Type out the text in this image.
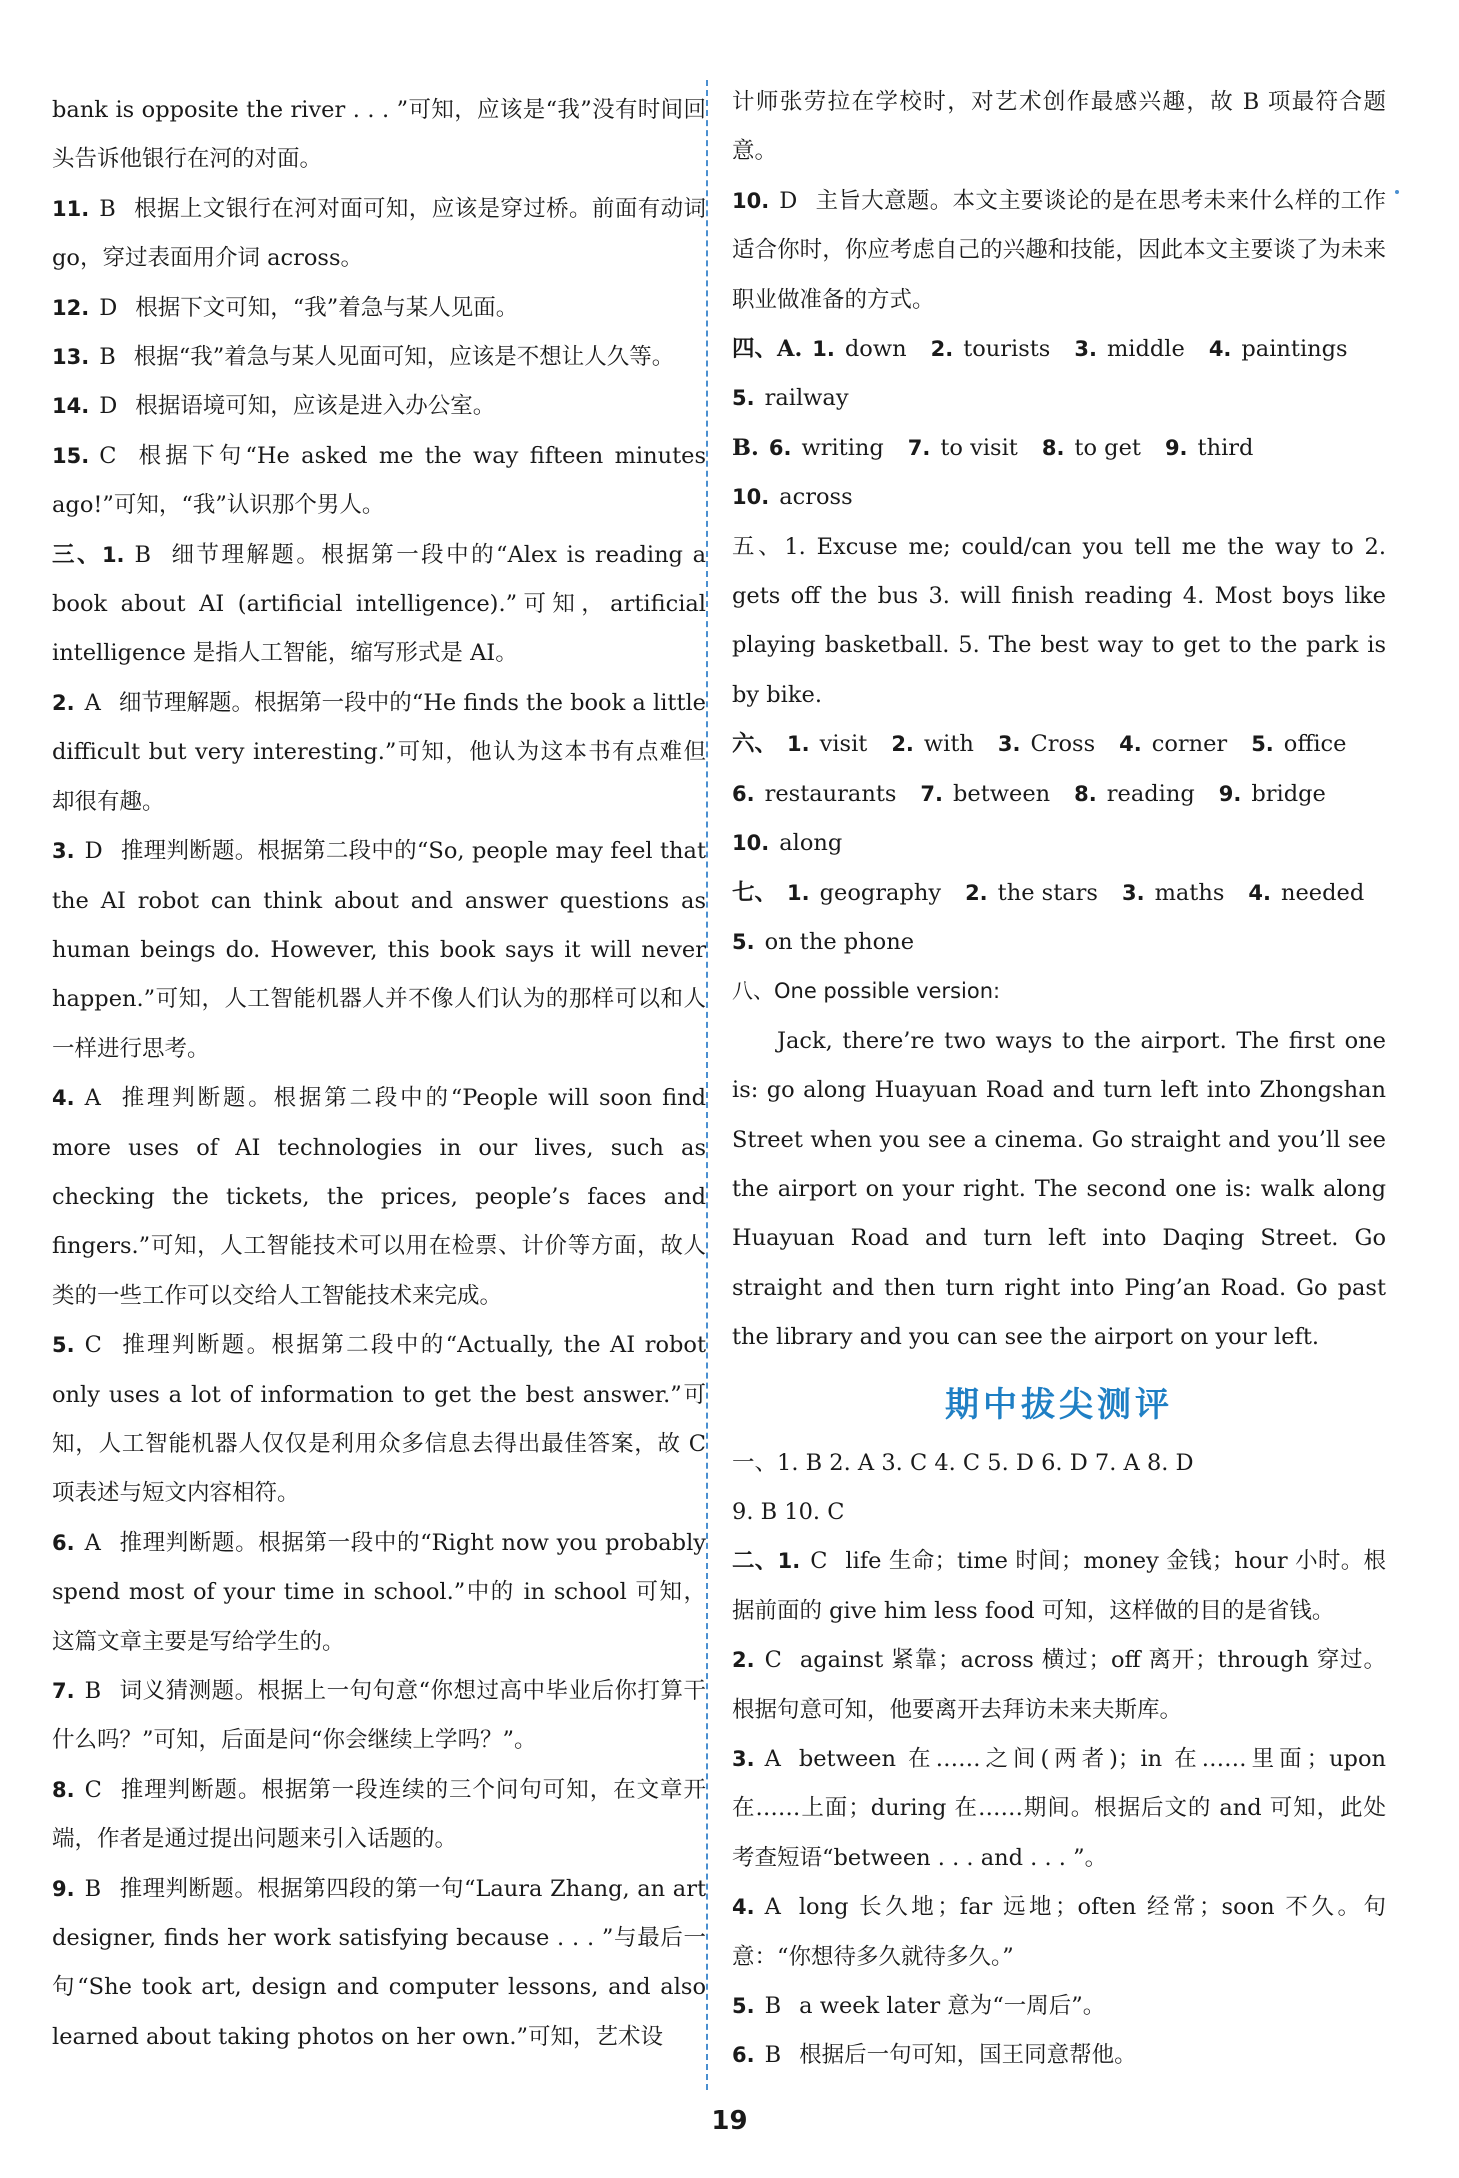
bank is opposite the river . . . ”可知，应该是“我”没有时间回头告诉他银行在河的对面。

11. B 根据上文银行在河对面可知，应该是穿过桥。前面有动词 go，穿过表面用介词 across。

12. D 根据下文可知，“我”着急与某人见面。

13. B 根据“我”着急与某人见面可知，应该是不想让人久等。

14. D 根据语境可知，应该是进入办公室。

15. C 根据下句“He asked me the way fifteen minutes ago!”可知，“我”认识那个男人。

三、1. B 细节理解题。根据第一段中的“Alex is reading a book about AI (artificial intelligence).”可知，artificial intelligence 是指人工智能，缩写形式是 AI。

2. A 细节理解题。根据第一段中的“He finds the book a little difficult but very interesting.”可知，他认为这本书有点难但却很有趣。

3. D 推理判断题。根据第二段中的“So, people may feel that the AI robot can think about and answer questions as human beings do. However, this book says it will never happen.”可知，人工智能机器人并不像人们认为的那样可以和人一样进行思考。

4. A 推理判断题。根据第二段中的“People will soon find more uses of AI technologies in our lives, such as checking the tickets, the prices, people’s faces and fingers.”可知，人工智能技术可以用在检票、计价等方面，故人类的一些工作可以交给人工智能技术来完成。

5. C 推理判断题。根据第二段中的“Actually, the AI robot only uses a lot of information to get the best answer.”可知，人工智能机器人仅仅是利用众多信息去得出最佳答案，故 C 项表述与短文内容相符。

6. A 推理判断题。根据第一段中的“Right now you probably spend most of your time in school.”中的 in school 可知，这篇文章主要是写给学生的。

7. B 词义猜测题。根据上一句句意“你想过高中毕业后你打算干什么吗？”可知，后面是问“你会继续上学吗？”。

8. C 推理判断题。根据第一段连续的三个问句可知，在文章开端，作者是通过提出问题来引入话题的。

9. B 推理判断题。根据第四段的第一句“Laura Zhang, an art designer, finds her work satisfying because . . . ”与最后一句“She took art, design and computer lessons, and also learned about taking photos on her own.”可知，艺术设

计师张劳拉在学校时，对艺术创作最感兴趣，故 B 项最符合题意。

10. D 主旨大意题。本文主要谈论的是在思考未来什么样的工作适合你时，你应考虑自己的兴趣和技能，因此本文主要谈了为未来职业做准备的方式。

四、A. 1. down 2. tourists 3. middle 4. paintings

5. railway

B. 6. writing 7. to visit 8. to get 9. third

10. across

五、1. Excuse me; could/can you tell me the way to 2. gets off the bus 3. will finish reading 4. Most boys like playing basketball. 5. The best way to get to the park is by bike.

六、 1. visit 2. with 3. Cross 4. corner 5. office

6. restaurants 7. between 8. reading 9. bridge

10. along

七、 1. geography 2. the stars 3. maths 4. needed

5. on the phone

八、One possible version:

Jack, there’re two ways to the airport. The first one is: go along Huayuan Road and turn left into Zhongshan Street when you see a cinema. Go straight and you’ll see the airport on your right. The second one is: walk along Huayuan Road and turn left into Daqing Street. Go straight and then turn right into Ping’an Road. Go past the library and you can see the airport on your left.

期中拔尖测评

一、1. B 2. A 3. C 4. C 5. D 6. D 7. A 8. D

9. B 10. C

二、1. C life 生命；time 时间；money 金钱；hour 小时。根据前面的 give him less food 可知，这样做的目的是省钱。

2. C against 紧靠；across 横过；off 离开；through 穿过。根据句意可知，他要离开去拜访未来夫斯库。

3. A between 在……之间(两者)；in 在……里面；upon 在……上面；during 在……期间。根据后文的 and 可知，此处考查短语“between . . . and . . . ”。

4. A long 长久地；far 远地；often 经常；soon 不久。句意：“你想待多久就待多久。”

5. B a week later 意为“一周后”。

6. B 根据后一句可知，国王同意帮他。

19
